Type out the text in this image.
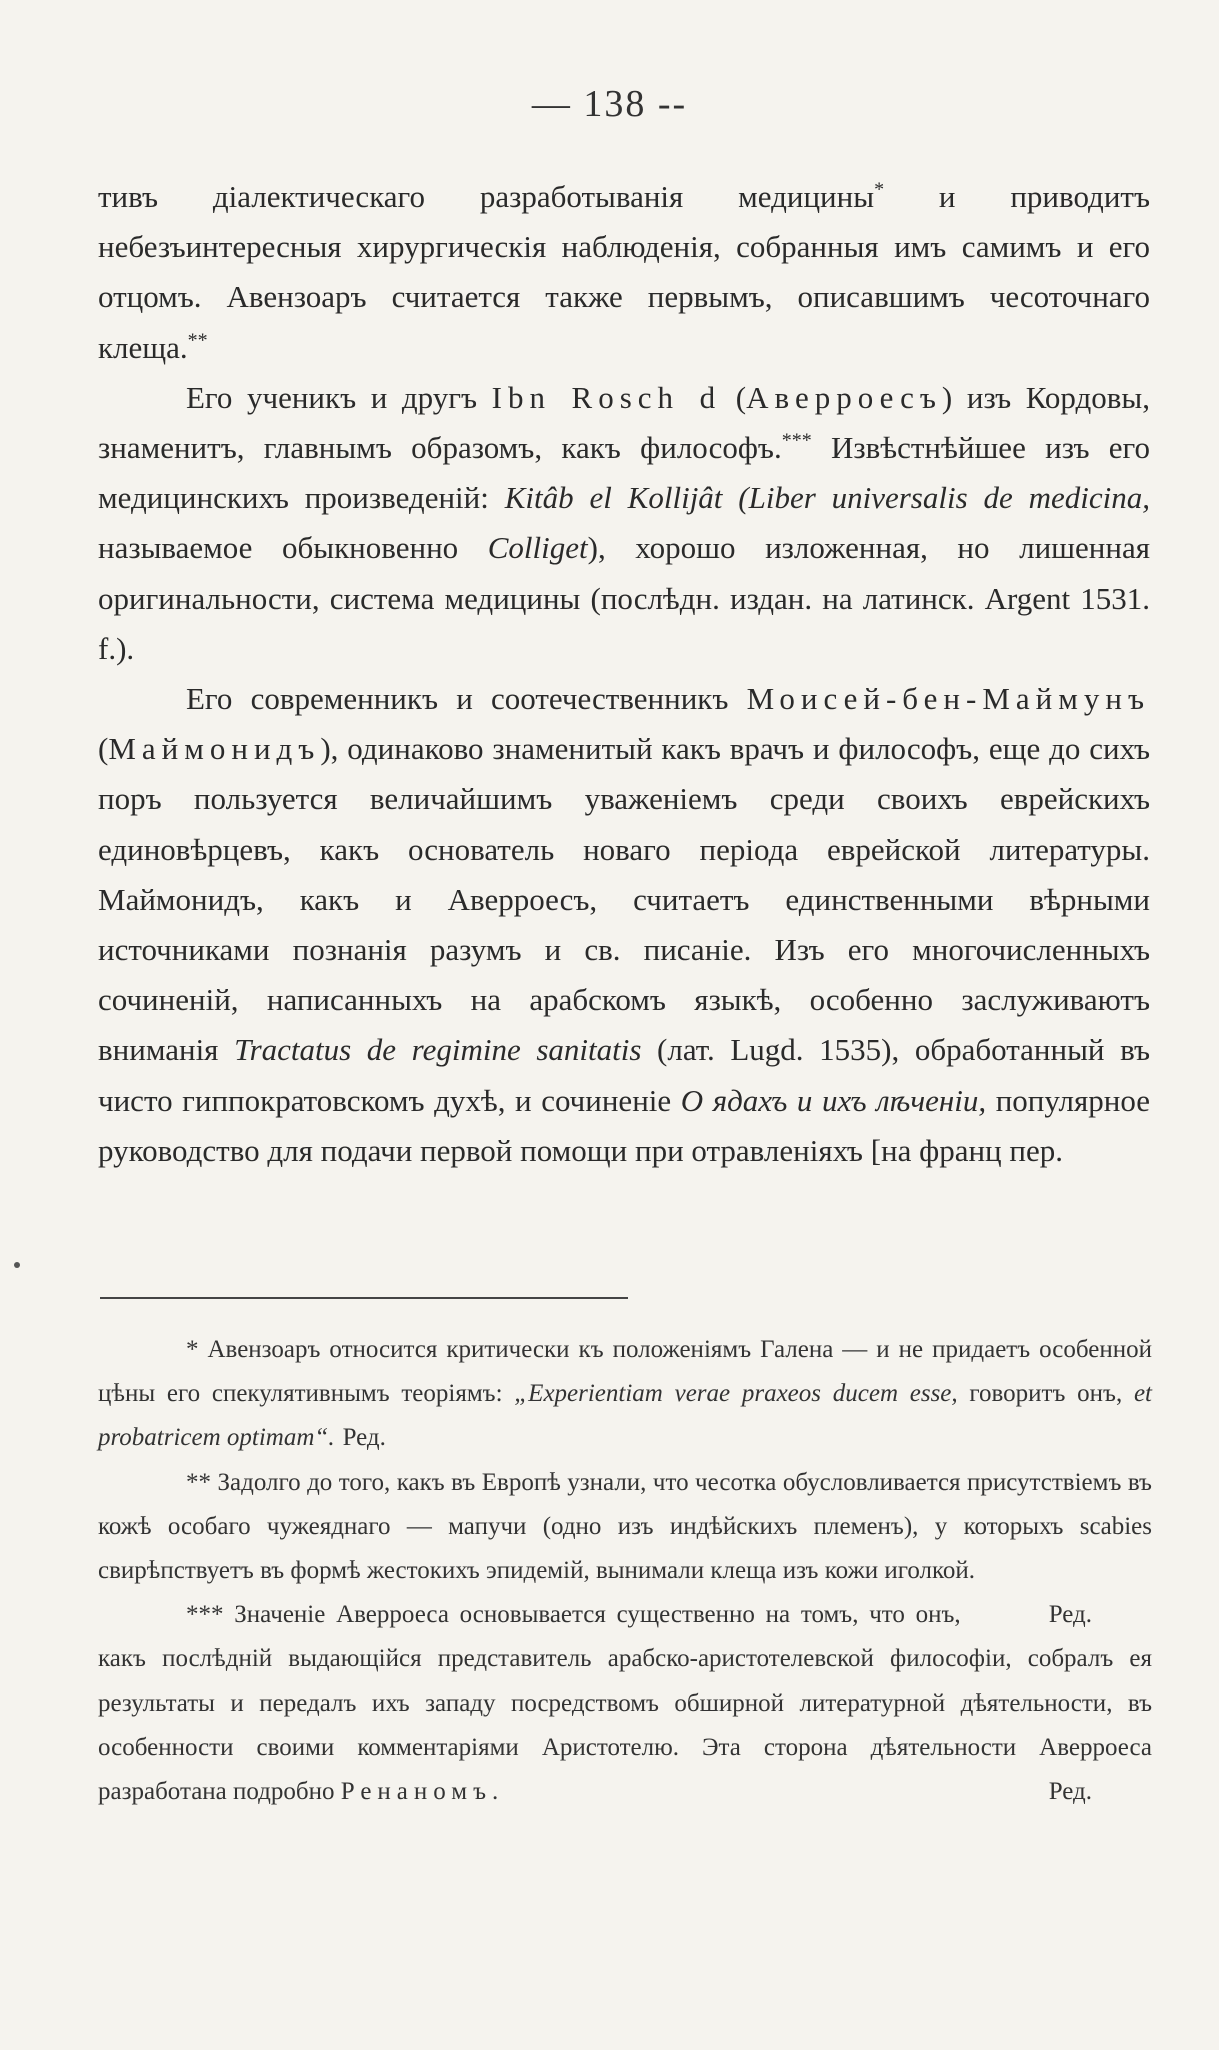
— 138 --

тивъ діалектическаго разработыванія медицины* и приводитъ небезъинтересныя хирургическія наблюденія, собранныя имъ самимъ и его отцомъ. Авензоаръ считается также первымъ, описавшимъ чесоточнаго клеща.**

Его ученикъ и другъ Ibn Rosch d (Аверроесъ) изъ Кордовы, знаменитъ, главнымъ образомъ, какъ философъ.*** Извѣстнѣйшее изъ его медицинскихъ произведеній: Kitâb el Kollijât (Liber universalis de medicina, называемое обыкновенно Colliget), хорошо изложенная, но лишенная оригинальности, система медицины (послѣдн. издан. на латинск. Argent 1531. f.).

Его современникъ и соотечественникъ Моисей-бен-Маймунъ (Маймонидъ), одинаково знаменитый какъ врачъ и философъ, еще до сихъ поръ пользуется величайшимъ уваженіемъ среди своихъ еврейскихъ единовѣрцевъ, какъ основатель новаго періода еврейской литературы. Маймонидъ, какъ и Аверроесъ, считаетъ единственными вѣрными источниками познанія разумъ и св. писаніе. Изъ его многочисленныхъ сочиненій, написанныхъ на арабскомъ языкѣ, особенно заслуживаютъ вниманія Tractatus de regimine sanitatis (лат. Lugd. 1535), обработанный въ чисто гиппократовскомъ духѣ, и сочиненіе О ядахъ и ихъ лѣченіи, популярное руководство для подачи первой помощи при отравленіяхъ [на франц пер.

* Авензоаръ относится критически къ положеніямъ Галена — и не придаетъ особенной цѣны его спекулятивнымъ теоріямъ: „Experientiam verae praxeos ducem esse, говоритъ онъ, et probatricem optimam“. Ред.

** Задолго до того, какъ въ Европѣ узнали, что чесотка обусловливается присутствіемъ въ кожѣ особаго чужеяднаго — мапучи (одно изъ индѣйскихъ племенъ), у которыхъ scabies свирѣпствуетъ въ формѣ жестокихъ эпидемій, вынимали клеща изъ кожи иголкой.
Ред.

*** Значеніе Аверроеса основывается существенно на томъ, что онъ, какъ послѣдній выдающійся представитель арабско-аристотелевской философіи, собралъ ея результаты и передалъ ихъ западу посредствомъ обширной литературной дѣятельности, въ особенности своими комментаріями Аристотелю. Эта сторона дѣятельности Аверроеса разработана подробно Ренаномъ.	Ред.
